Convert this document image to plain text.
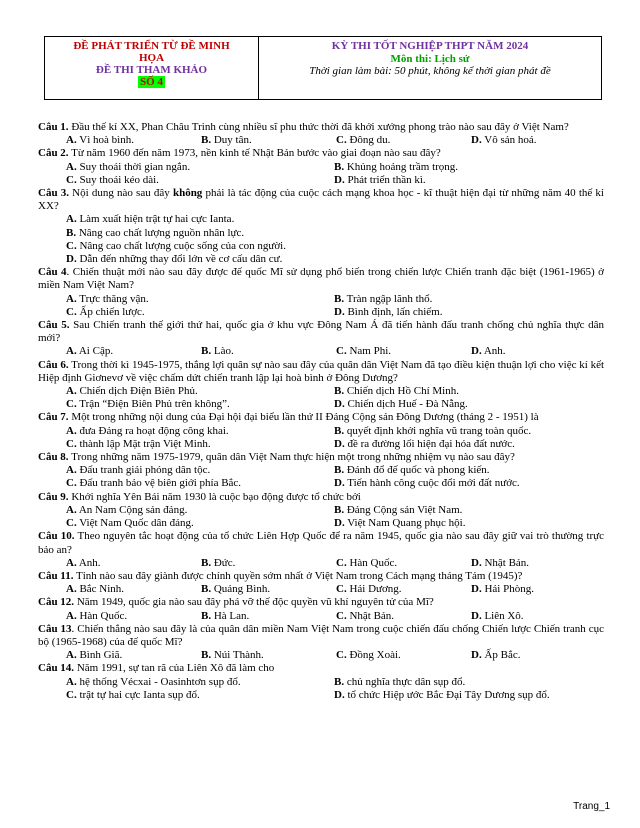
ĐỀ PHÁT TRIỂN TỪ ĐỀ MINH
HỌA
ĐỀ THI THAM KHẢO
SỐ 4
KỲ THI TỐT NGHIỆP THPT NĂM 2024
Môn thi: Lịch sử
Thời gian làm bài: 50 phút, không kể thời gian phát đề

Câu 1. Đầu thế kỉ XX, Phan Châu Trinh cùng nhiều sĩ phu thức thời đã khởi xướng phong trào nào sau đây ở Việt Nam?

A. Vì hoà bình.	B. Duy tân.	C. Đông du.	D. Vô sản hoá.

Câu 2. Từ năm 1960 đến năm 1973, nền kinh tế Nhật Bản bước vào giai đoạn nào sau đây?

A. Suy thoái thời gian ngắn.	B. Khủng hoảng trầm trọng.
C. Suy thoái kéo dài.	D. Phát triển thần kì.

Câu 3. Nội dung nào sau đây không phải là tác động của cuộc cách mạng khoa học - kĩ thuật hiện đại từ những năm 40 thế kỉ XX?

A. Làm xuất hiện trật tự hai cực Ianta.
B. Nâng cao chất lượng nguồn nhân lực.
C. Nâng cao chất lượng cuộc sống của con người.
D. Dẫn đến những thay đổi lớn về cơ cấu dân cư.

Câu 4. Chiến thuật mới nào sau đây được đế quốc Mĩ sử dụng phổ biến trong chiến lược Chiến tranh đặc biệt (1961-1965) ở miền Nam Việt Nam?

A. Trực thăng vận.	B. Tràn ngập lãnh thổ.
C. Ấp chiến lược.	D. Bình định, lấn chiếm.

Câu 5. Sau Chiến tranh thế giới thứ hai, quốc gia ở khu vực Đông Nam Á đã tiến hành đấu tranh chống chủ nghĩa thực dân mới?

A. Ai Cập.	B. Lào.	C. Nam Phi.	D. Anh.

Câu 6. Trong thời kì 1945-1975, thắng lợi quân sự nào sau đây của quân dân Việt Nam đã tạo điều kiện thuận lợi cho việc kí kết Hiệp định Giơnevơ về việc chấm dứt chiến tranh lập lại hoà bình ở Đông Dương?

A. Chiến dịch Điện Biên Phủ.	B. Chiến dịch Hồ Chí Minh.
C. Trận “Điện Biên Phủ trên không”.	D. Chiến dịch Huế - Đà Nẵng.

Câu 7. Một trong những nội dung của Đại hội đại biểu lần thứ II Đảng Cộng sản Đông Dương (tháng 2 - 1951) là

A. đưa Đảng ra hoạt động công khai.	B. quyết định khởi nghĩa vũ trang toàn quốc.
C. thành lập Mặt trận Việt Minh.	D. đề ra đường lối hiện đại hóa đất nước.

Câu 8. Trong những năm 1975-1979, quân dân Việt Nam thực hiện một trong những nhiệm vụ nào sau đây?

A. Đấu tranh giải phóng dân tộc.	B. Đánh đổ đế quốc và phong kiến.
C. Đấu tranh bảo vệ biên giới phía Bắc.	D. Tiến hành công cuộc đổi mới đất nước.

Câu 9. Khởi nghĩa Yên Bái năm 1930 là cuộc bạo động được tổ chức bởi

A. An Nam Cộng sản đảng.	B. Đảng Cộng sản Việt Nam.
C. Việt Nam Quốc dân đảng.	D. Việt Nam Quang phục hội.

Câu 10. Theo nguyên tắc hoạt động của tổ chức Liên Hợp Quốc để ra năm 1945, quốc gia nào sau đây giữ vai trò thường trực bảo an?

A. Anh.	B. Đức.	C. Hàn Quốc.	D. Nhật Bản.

Câu 11. Tỉnh nào sau đây giành được chính quyền sớm nhất ở Việt Nam trong Cách mạng tháng Tám (1945)?

A. Bắc Ninh.	B. Quảng Bình.	C. Hải Dương.	D. Hải Phòng.

Câu 12. Năm 1949, quốc gia nào sau đây phá vỡ thế độc quyền vũ khí nguyên tử của Mĩ?

A. Hàn Quốc.	B. Hà Lan.	C. Nhật Bản.	D. Liên Xô.

Câu 13. Chiến thắng nào sau đây là của quân dân miền Nam Việt Nam trong cuộc chiến đấu chống Chiến lược Chiến tranh cục bộ (1965-1968) của đế quốc Mĩ?

A. Bình Giã.	B. Núi Thành.	C. Đồng Xoài.	D. Ấp Bắc.

Câu 14. Năm 1991, sự tan rã của Liên Xô đã làm cho

A. hệ thống Vécxai - Oasinhtơn sụp đổ.	B. chủ nghĩa thực dân sụp đổ.
C. trật tự hai cực Ianta sụp đổ.	D. tổ chức Hiệp ước Bắc Đại Tây Dương sụp đổ.
Trang_1
